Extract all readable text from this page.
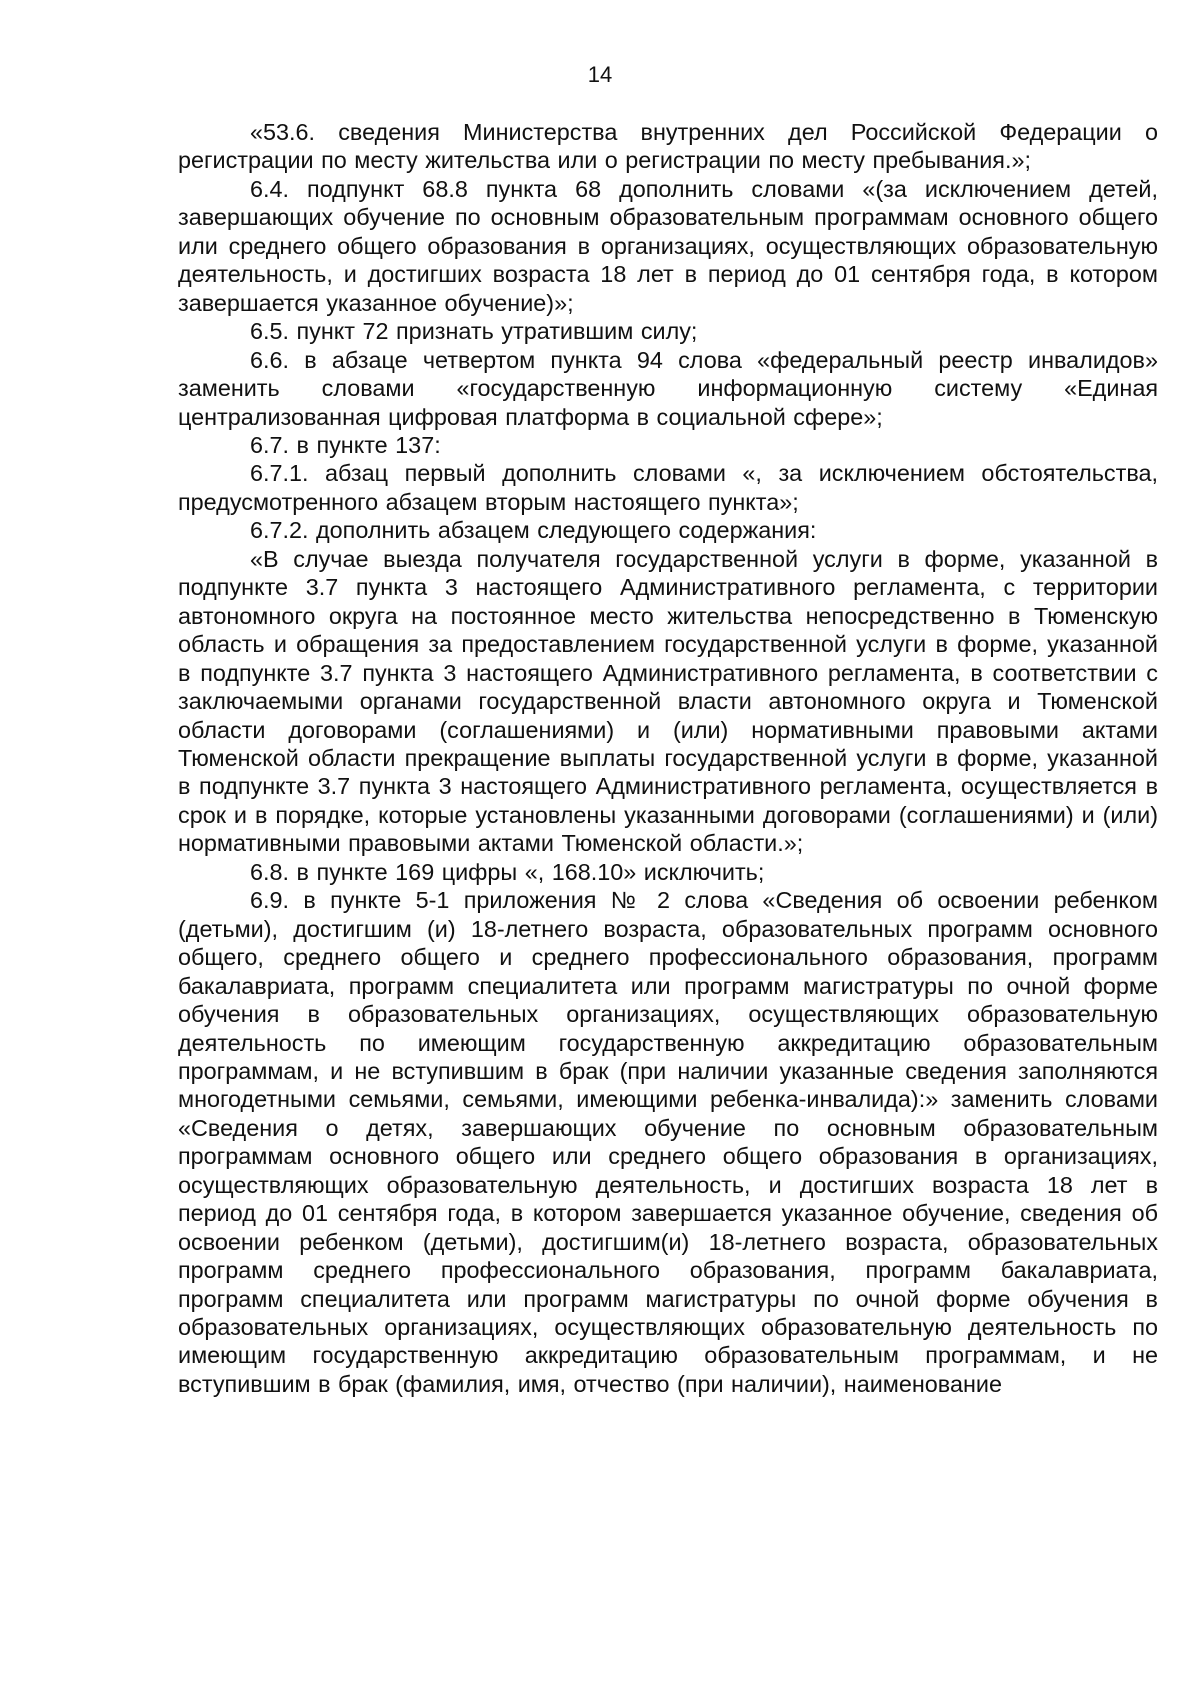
14

«53.6. сведения Министерства внутренних дел Российской Федерации о регистрации по месту жительства или о регистрации по месту пребывания.»;

6.4. подпункт 68.8 пункта 68 дополнить словами «(за исключением детей, завершающих обучение по основным образовательным программам основного общего или среднего общего образования в организациях, осуществляющих образовательную деятельность, и достигших возраста 18 лет в период до 01 сентября года, в котором завершается указанное обучение)»;

6.5. пункт 72 признать утратившим силу;

6.6. в абзаце четвертом пункта 94 слова «федеральный реестр инвалидов» заменить словами «государственную информационную систему «Единая централизованная цифровая платформа в социальной сфере»;

6.7. в пункте 137:

6.7.1. абзац первый дополнить словами «, за исключением обстоятельства, предусмотренного абзацем вторым настоящего пункта»;

6.7.2. дополнить абзацем следующего содержания:

«В случае выезда получателя государственной услуги в форме, указанной в подпункте 3.7 пункта 3 настоящего Административного регламента, с территории автономного округа на постоянное место жительства непосредственно в Тюменскую область и обращения за предоставлением государственной услуги в форме, указанной в подпункте 3.7 пункта 3 настоящего Административного регламента, в соответствии с заключаемыми органами государственной власти автономного округа и Тюменской области договорами (соглашениями) и (или) нормативными правовыми актами Тюменской области прекращение выплаты государственной услуги в форме, указанной в подпункте 3.7 пункта 3 настоящего Административного регламента, осуществляется в срок и в порядке, которые установлены указанными договорами (соглашениями) и (или) нормативными правовыми актами Тюменской области.»;

6.8. в пункте 169 цифры «, 168.10» исключить;

6.9. в пункте 5-1 приложения № 2 слова «Сведения об освоении ребенком (детьми), достигшим (и) 18-летнего возраста, образовательных программ основного общего, среднего общего и среднего профессионального образования, программ бакалавриата, программ специалитета или программ магистратуры по очной форме обучения в образовательных организациях, осуществляющих образовательную деятельность по имеющим государственную аккредитацию образовательным программам, и не вступившим в брак (при наличии указанные сведения заполняются многодетными семьями, семьями, имеющими ребенка-инвалида):» заменить словами «Сведения о детях, завершающих обучение по основным образовательным программам основного общего или среднего общего образования в организациях, осуществляющих образовательную деятельность, и достигших возраста 18 лет в период до 01 сентября года, в котором завершается указанное обучение, сведения об освоении ребенком (детьми), достигшим(и) 18-летнего возраста, образовательных программ среднего профессионального образования, программ бакалавриата, программ специалитета или программ магистратуры по очной форме обучения в образовательных организациях, осуществляющих образовательную деятельность по имеющим государственную аккредитацию образовательным программам, и не вступившим в брак (фамилия, имя, отчество (при наличии), наименование
